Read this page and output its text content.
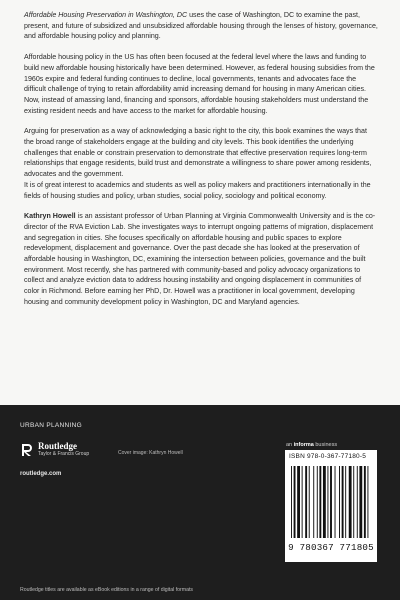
Affordable Housing Preservation in Washington, DC uses the case of Washington, DC to examine the past, present, and future of subsidized and unsubsidized affordable housing through the lenses of history, governance, and affordable housing policy and planning.

Affordable housing policy in the US has often been focused at the federal level where the laws and funding to build new affordable housing historically have been determined. However, as federal housing subsidies from the 1960s expire and federal funding continues to decline, local governments, tenants and advocates face the difficult challenge of trying to retain affordability amid increasing demand for housing in many American cities. Now, instead of amassing land, financing and sponsors, affordable housing stakeholders must understand the existing resident needs and have access to the market for affordable housing.

Arguing for preservation as a way of acknowledging a basic right to the city, this book examines the ways that the broad range of stakeholders engage at the building and city levels. This book identifies the underlying challenges that enable or constrain preservation to demonstrate that effective preservation requires long-term relationships that engage residents, build trust and demonstrate a willingness to share power among residents, advocates and the government.

It is of great interest to academics and students as well as policy makers and practitioners internationally in the fields of housing studies and policy, urban studies, social policy, sociology and political economy.

Kathryn Howell is an assistant professor of Urban Planning at Virginia Commonwealth University and is the co-director of the RVA Eviction Lab. She investigates ways to interrupt ongoing patterns of migration, displacement and segregation in cities. She focuses specifically on affordable housing and public spaces to explore redevelopment, displacement and governance. Over the past decade she has looked at the preservation of affordable housing in Washington, DC, examining the intersection between policies, governance and the built environment. Most recently, she has partnered with community-based and policy advocacy organizations to collect and analyze eviction data to address housing instability and ongoing displacement in communities of color in Richmond. Before earning her PhD, Dr. Howell was a practitioner in local government, developing housing and community development policy in Washington, DC and Maryland agencies.

URBAN PLANNING
Routledge
Taylor & Francis Group
routledge.com
Cover image: Kathryn Howell
an informa business
ISBN 978-0-367-77180-5
9 780367 771805
Routledge titles are available as eBook editions in a range of digital formats
